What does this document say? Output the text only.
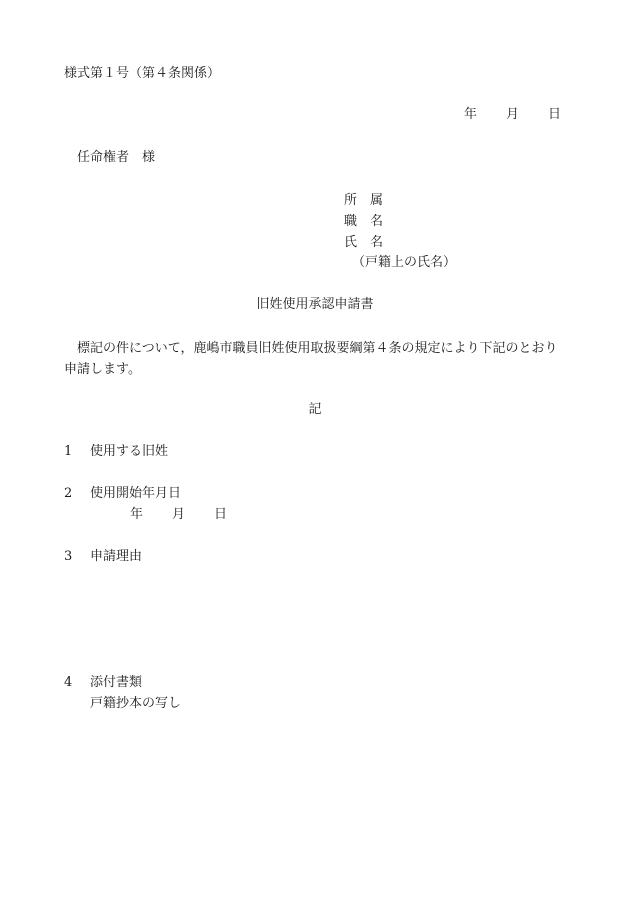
様式第１号（第４条関係）
年 月 日
任命権者　様
所　属
職　名
氏　名
（戸籍上の氏名）
旧姓使用承認申請書
標記の件について，鹿嶋市職員旧姓使用取扱要綱第４条の規定により下記のとおり申請します。
記
1 使用する旧姓
2 使用開始年月日
年 月 日
3 申請理由
4 添付書類
戸籍抄本の写し
